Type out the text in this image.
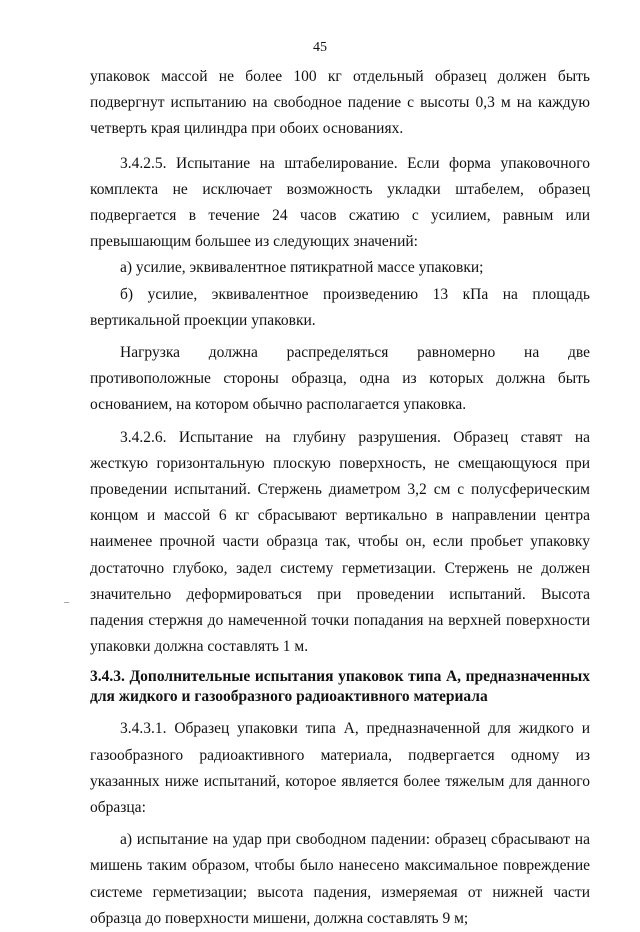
45
–

упаковок массой не более 100 кг отдельный образец должен быть подвергнут испытанию на свободное падение с высоты 0,3 м на каждую четверть края цилиндра при обоих основаниях.

3.4.2.5. Испытание на штабелирование. Если форма упаковочного комплекта не исключает возможность укладки штабелем, образец подвергается в течение 24 часов сжатию с усилием, равным или превышающим большее из следующих значений:

а) усилие, эквивалентное пятикратной массе упаковки;

б) усилие, эквивалентное произведению 13 кПа на площадь вертикальной проекции упаковки.

Нагрузка должна распределяться равномерно на две противоположные стороны образца, одна из которых должна быть основанием, на котором обычно располагается упаковка.

3.4.2.6. Испытание на глубину разрушения. Образец ставят на жесткую горизонтальную плоскую поверхность, не смещающуюся при проведении испытаний. Стержень диаметром 3,2 см с полусферическим концом и массой 6 кг сбрасывают вертикально в направлении центра наименее прочной части образца так, чтобы он, если пробьет упаковку достаточно глубоко, задел систему герметизации. Стержень не должен значительно деформироваться при проведении испытаний. Высота падения стержня до намеченной точки попадания на верхней поверхности упаковки должна составлять 1 м.

3.4.3. Дополнительные испытания упаковок типа А, предназначенных для жидкого и газообразного радиоактивного материала

3.4.3.1. Образец упаковки типа А, предназначенной для жидкого и газообразного радиоактивного материала, подвергается одному из указанных ниже испытаний, которое является более тяжелым для данного образца:

а) испытание на удар при свободном падении: образец сбрасывают на мишень таким образом, чтобы было нанесено максимальное повреждение системе герметизации; высота падения, измеряемая от нижней части образца до поверхности мишени, должна составлять 9 м;
